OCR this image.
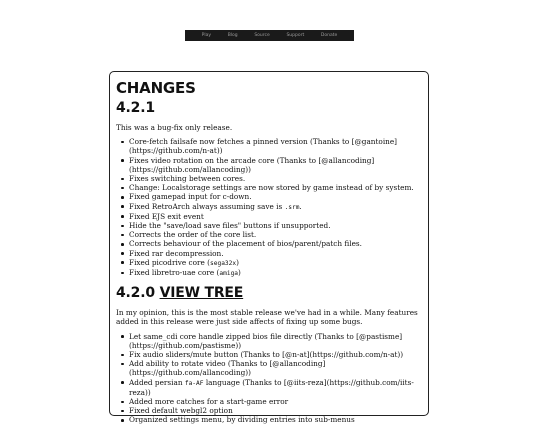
Play	Blog	Source	Support	Donate
CHANGES
4.2.1

This was a bug-fix only release.

Core-fetch failsafe now fetches a pinned version (Thanks to [@gantoine](https://github.com/n-at))
Fixes video rotation on the arcade core (Thanks to [@allancoding](https://github.com/allancoding))
Fixes switching between cores.
Change: Localstorage settings are now stored by game instead of by system.
Fixed gamepad input for c-down.
Fixed RetroArch always assuming save is .srm.
Fixed EJS exit event
Hide the "save/load save files" buttons if unsupported.
Corrects the order of the core list.
Corrects behaviour of the placement of bios/parent/patch files.
Fixed rar decompression.
Fixed picodrive core (sega32x)
Fixed libretro-uae core (amiga)
4.2.0 VIEW TREE

In my opinion, this is the most stable release we've had in a while. Many features added in this release were just side affects of fixing up some bugs.

Let same_cdi core handle zipped bios file directly (Thanks to [@pastisme](https://github.com/pastisme))
Fix audio sliders/mute button (Thanks to [@n-at](https://github.com/n-at))
Add ability to rotate video (Thanks to [@allancoding](https://github.com/allancoding))
Added persian fa-AF language (Thanks to [@iits-reza](https://github.com/iits-reza))
Added more catches for a start-game error
Fixed default webgl2 option
Organized settings menu, by dividing entries into sub-menus
